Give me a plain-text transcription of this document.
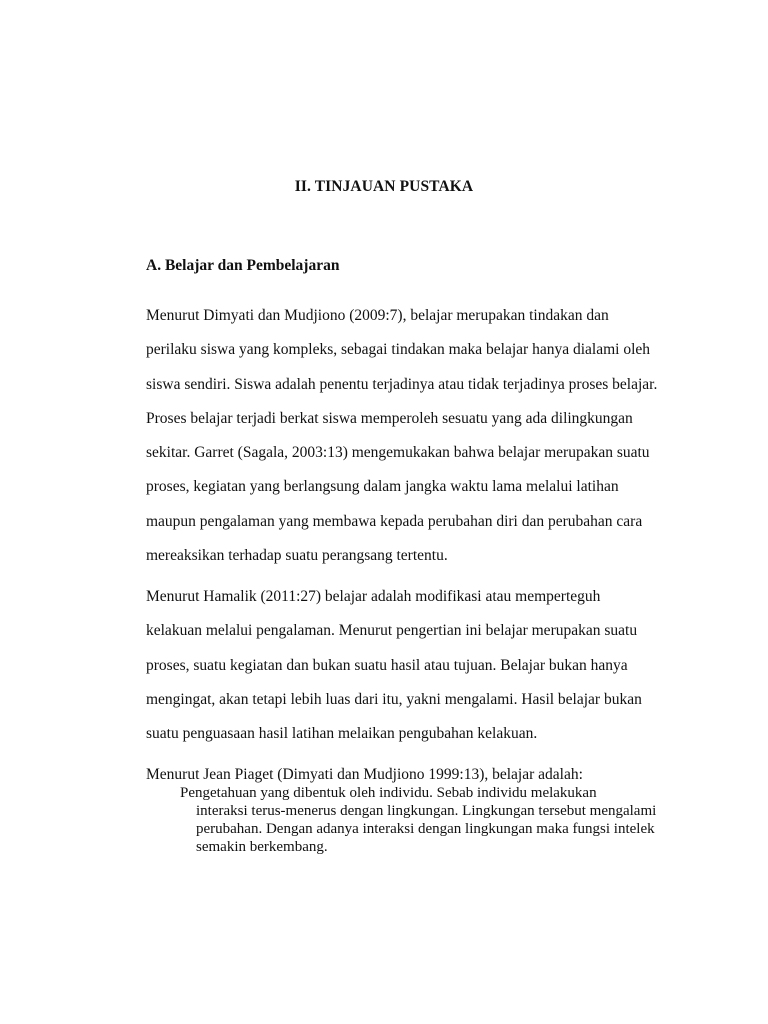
II. TINJAUAN PUSTAKA
A. Belajar dan Pembelajaran
Menurut Dimyati dan Mudjiono (2009:7), belajar merupakan tindakan dan
perilaku siswa yang kompleks, sebagai tindakan maka belajar hanya dialami oleh
siswa sendiri. Siswa adalah penentu terjadinya atau tidak terjadinya proses belajar.
Proses belajar terjadi berkat siswa memperoleh sesuatu yang ada dilingkungan
sekitar. Garret (Sagala, 2003:13) mengemukakan bahwa belajar merupakan suatu
proses, kegiatan yang berlangsung dalam jangka waktu lama melalui latihan
maupun pengalaman yang membawa kepada perubahan diri dan perubahan cara
mereaksikan terhadap suatu perangsang tertentu.
Menurut Hamalik (2011:27) belajar adalah modifikasi atau memperteguh
kelakuan melalui pengalaman. Menurut pengertian ini belajar merupakan suatu
proses, suatu kegiatan dan bukan suatu hasil atau tujuan. Belajar bukan hanya
mengingat, akan tetapi lebih luas dari itu, yakni mengalami. Hasil belajar bukan
suatu penguasaan hasil latihan melaikan pengubahan kelakuan.
Menurut Jean Piaget (Dimyati dan Mudjiono 1999:13), belajar adalah:
Pengetahuan yang dibentuk oleh individu. Sebab individu melakukan
interaksi terus-menerus dengan lingkungan. Lingkungan tersebut mengalami
perubahan. Dengan adanya interaksi dengan lingkungan maka fungsi intelek
semakin berkembang.
